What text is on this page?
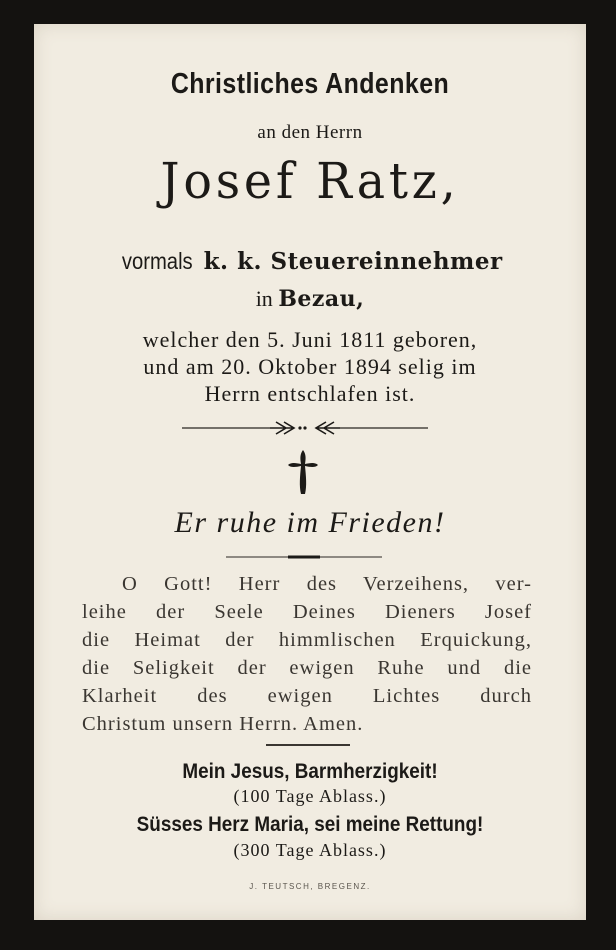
Christliches Andenken
an den Herrn
Josef Ratz,
vormals k. k. Steuereinnehmer
in Bezau,
welcher den 5. Juni 1811 geboren,
und am 20. Oktober 1894 selig im
Herrn entschlafen ist.
Er ruhe im Frieden!
O Gott! Herr des Verzeihens, ver-
leihe der Seele Deines Dieners Josef
die Heimat der himmlischen Erquickung,
die Seligkeit der ewigen Ruhe und die
Klarheit des ewigen Lichtes durch
Christum unsern Herrn. Amen.
Mein Jesus, Barmherzigkeit!
(100 Tage Ablass.)
Süsses Herz Maria, sei meine Rettung!
(300 Tage Ablass.)
J. TEUTSCH, BREGENZ.
